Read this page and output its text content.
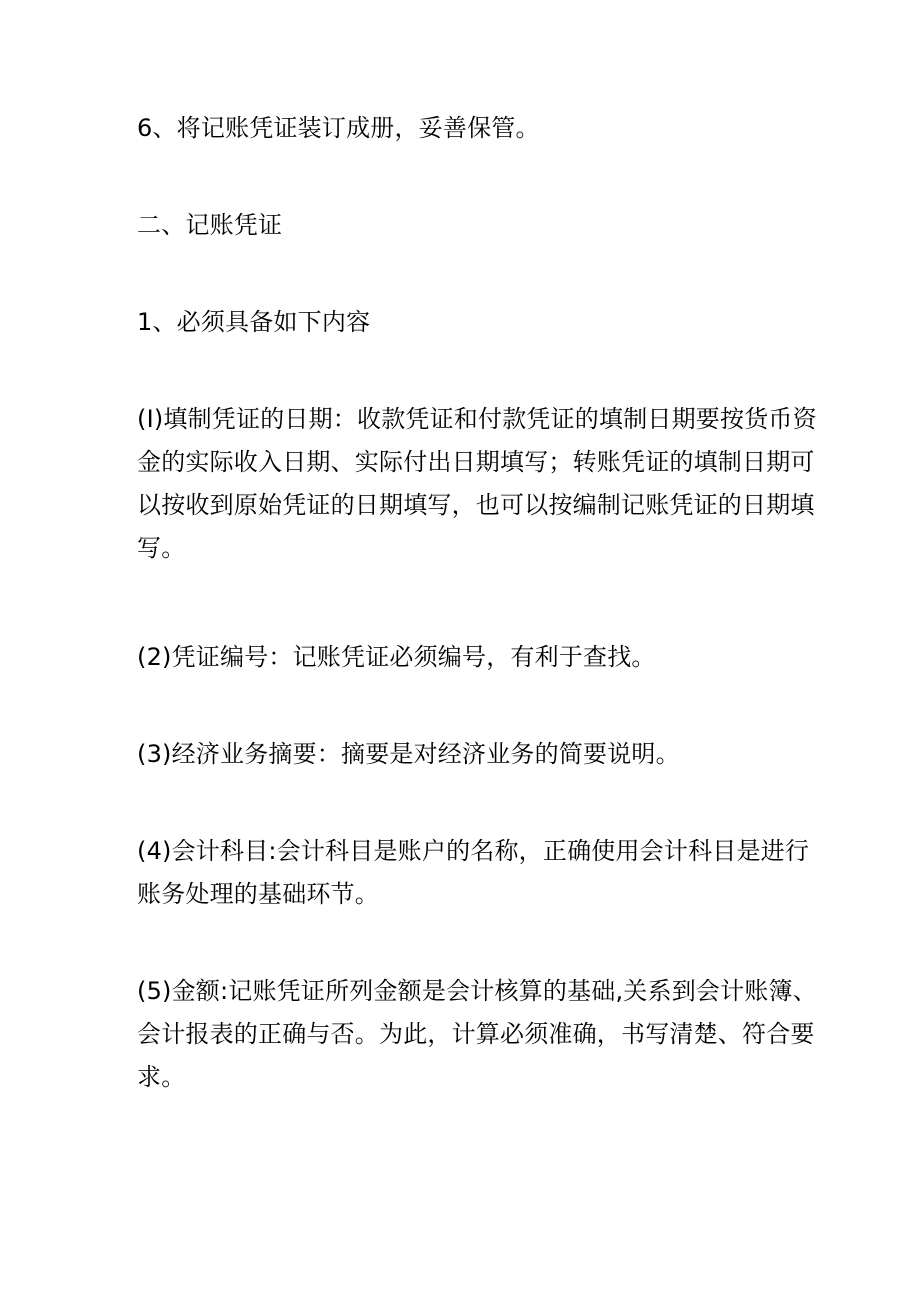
6、将记账凭证装订成册，妥善保管。

二、记账凭证

1、必须具备如下内容

(I)填制凭证的日期：收款凭证和付款凭证的填制日期要按货币资
金的实际收入日期、实际付出日期填写；转账凭证的填制日期可
以按收到原始凭证的日期填写，也可以按编制记账凭证的日期填
写。

(2)凭证编号：记账凭证必须编号，有利于查找。

(3)经济业务摘要：摘要是对经济业务的简要说明。

(4)会计科目:会计科目是账户的名称，正确使用会计科目是进行
账务处理的基础环节。

(5)金额:记账凭证所列金额是会计核算的基础,关系到会计账簿、
会计报表的正确与否。为此，计算必须准确，书写清楚、符合要
求。
